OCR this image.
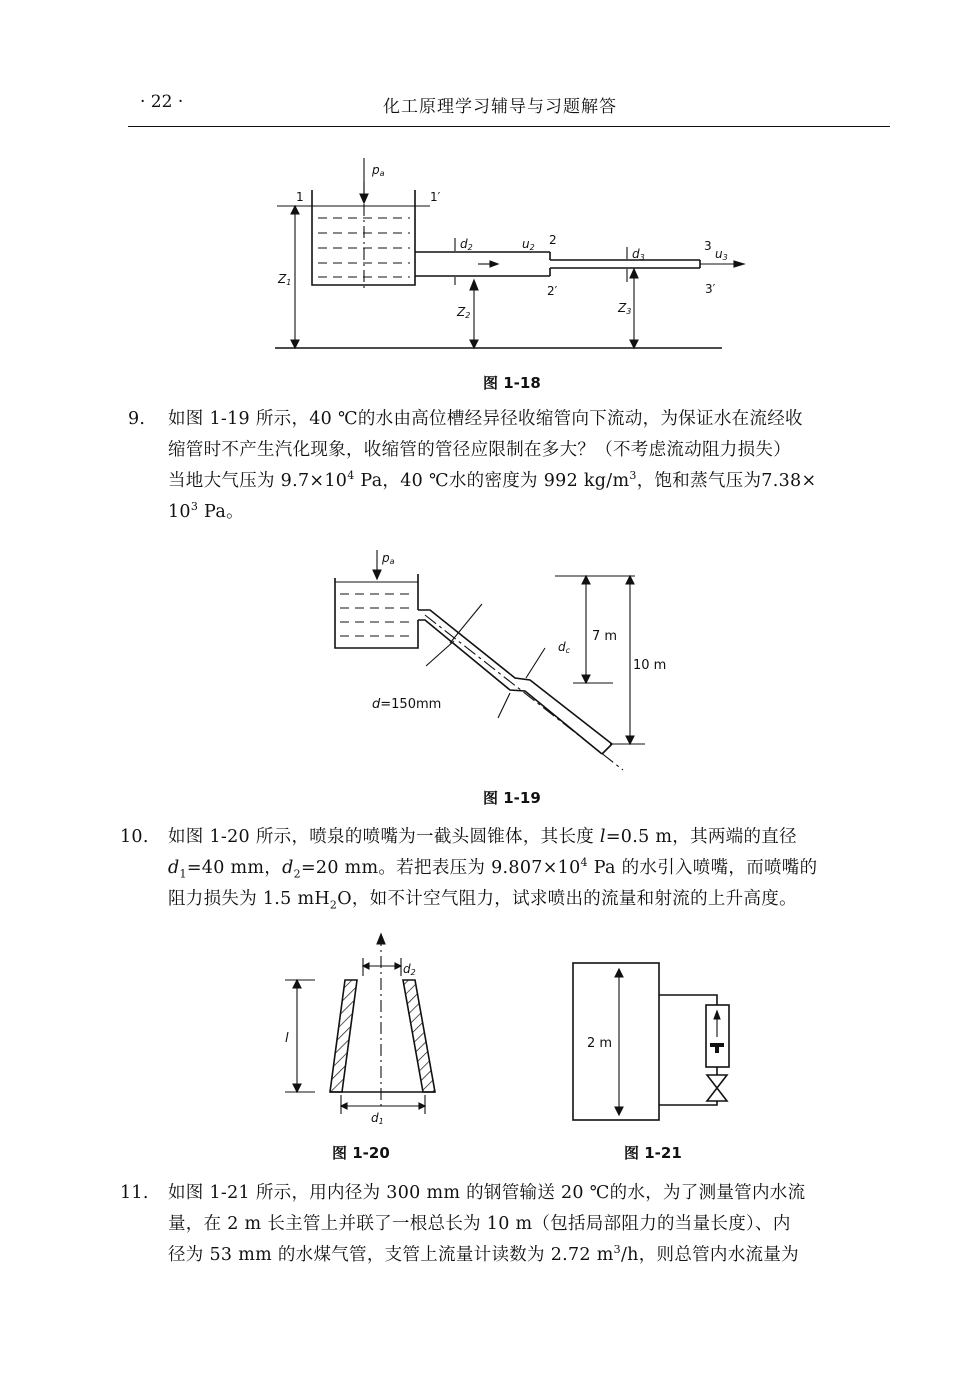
· 22 ·	化工原理学习辅导与习题解答
pa
1	1′
Z1
d2	u2
2
2′
Z2
d3
Z3
3
u3
3′
图 1-18
9. 如图 1-19 所示，40 ℃的水由高位槽经异径收缩管向下流动，为保证水在流经收
缩管时不产生汽化现象，收缩管的管径应限制在多大？（不考虑流动阻力损失）
当地大气压为 $9.7\times 10^4$ Pa，40 ℃水的密度为 992 $kg/m^3$，饱和蒸气压为7.38×
$10^3$ Pa。
pa
7 m
10 m
dc
d=150mm
图 1-19
10. 如图 1-20 所示，喷泉的喷嘴为一截头圆锥体，其长度 l=0.5 m，其两端的直径
$d_1=40$ mm，$d_2=20$ mm。若把表压为 $9.807\times 10^4$ Pa 的水引入喷嘴，而喷嘴的
阻力损失为 1.5 $mH_2O$，如不计空气阻力，试求喷出的流量和射流的上升高度。
d2
l
d1
图 1-20
2 m
图 1-21
11. 如图 1-21 所示，用内径为 300 mm 的钢管输送 20 ℃的水，为了测量管内水流
量，在 2 m 长主管上并联了一根总长为 10 m（包括局部阻力的当量长度）、内
径为 53 mm 的水煤气管，支管上流量计读数为 2.72 $m^3/h$，则总管内水流量为
